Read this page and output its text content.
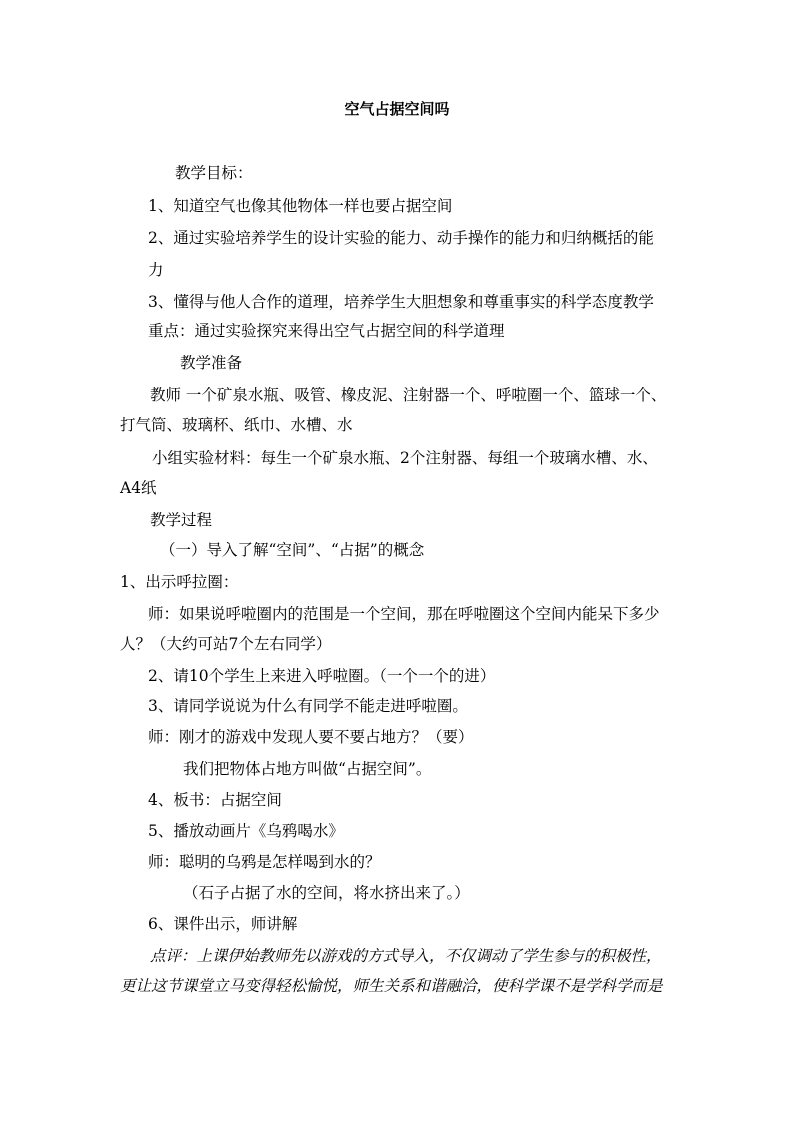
空气占据空间吗
教学目标：
1、知道空气也像其他物体一样也要占据空间
2、通过实验培养学生的设计实验的能力、动手操作的能力和归纳概括的能
力
3、懂得与他人合作的道理，培养学生大胆想象和尊重事实的科学态度教学
重点：通过实验探究来得出空气占据空间的科学道理
教学准备
教师 一个矿泉水瓶、吸管、橡皮泥、注射器一个、呼啦圈一个、篮球一个、
打气筒、玻璃杯、纸巾、水槽、水
小组实验材料：每生一个矿泉水瓶、2个注射器、每组一个玻璃水槽、水、
A4纸
教学过程
（一）导入了解“空间”、“占据”的概念
1、出示呼拉圈：
师：如果说呼啦圈内的范围是一个空间，那在呼啦圈这个空间内能呆下多少
人？（大约可站7个左右同学）
2、请10个学生上来进入呼啦圈。（一个一个的进）
3、请同学说说为什么有同学不能走进呼啦圈。
师：刚才的游戏中发现人要不要占地方？（要）
我们把物体占地方叫做“占据空间”。
4、板书：占据空间
5、播放动画片《乌鸦喝水》
师：聪明的乌鸦是怎样喝到水的？
（石子占据了水的空间，将水挤出来了。）
6、课件出示，师讲解
点评：上课伊始教师先以游戏的方式导入，不仅调动了学生参与的积极性，
更让这节课堂立马变得轻松愉悦，师生关系和谐融洽，使科学课不是学科学而是
